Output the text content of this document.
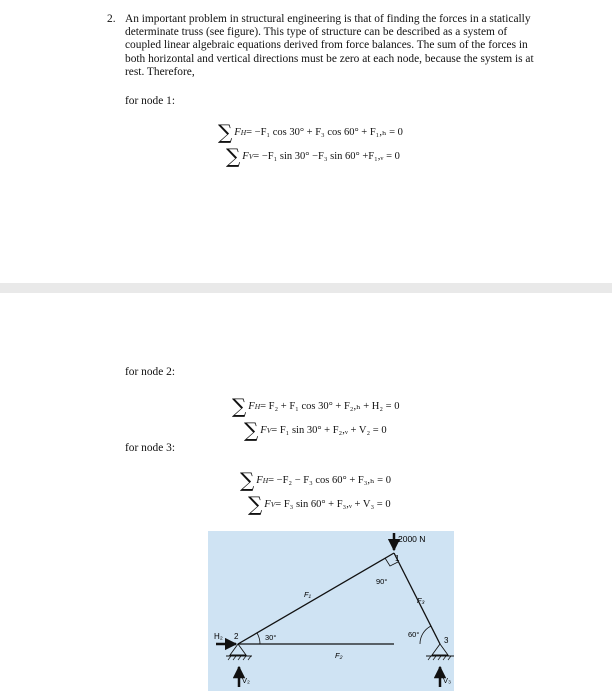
2. An important problem in structural engineering is that of finding the forces in a statically determinate truss (see figure). This type of structure can be described as a system of coupled linear algebraic equations derived from force balances. The sum of the forces in both horizontal and vertical directions must be zero at each node, because the system is at rest. Therefore,
for node 1:
∑ F H = −F₁ cos 30° + F₃ cos 60° + F₁,ₕ = 0
∑ F V = −F₁ sin 30° −F₃ sin 60° +F₁,ᵥ = 0
for node 2:
∑ F H = F₂ + F₁ cos 30° + F₂,ₕ + H₂ = 0
∑ F V = F₁ sin 30° + F₂,ᵥ + V₂ = 0
for node 3:
∑ F H = −F₂ − F₃ cos 60° + F₃,ₕ = 0
∑ F V = F₃ sin 60° + F₃,ᵥ + V₃ = 0
2000 N
1
H₂ 2	3
V₂	V₃
90°
30°	60°
F₁
F₂
F₃
